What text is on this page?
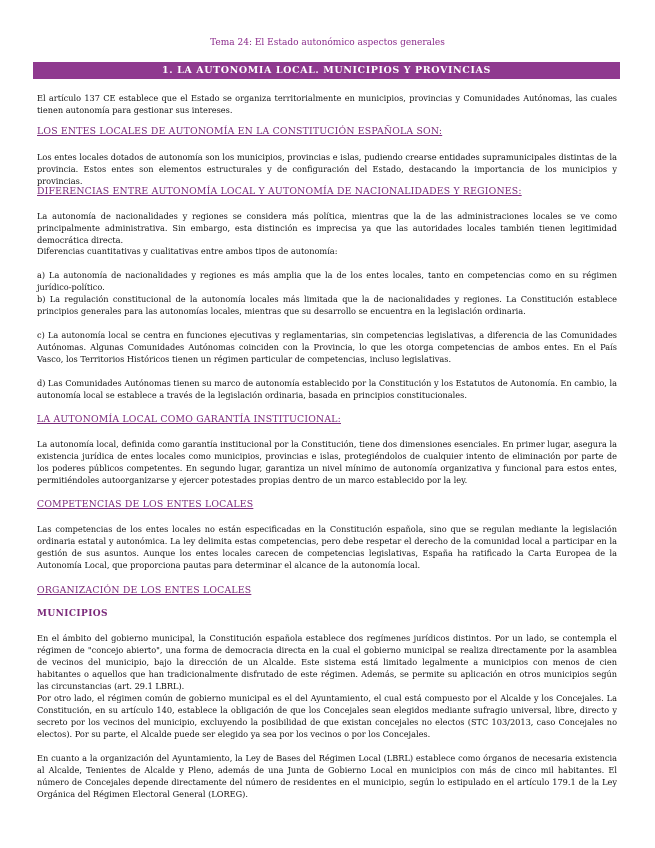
Tema 24: El Estado autonómico aspectos generales
1. LA AUTONOMIA LOCAL. MUNICIPIOS Y PROVINCIAS

El artículo 137 CE establece que el Estado se organiza territorialmente en municipios, provincias y Comunidades Autónomas, las cuales tienen autonomía para gestionar sus intereses.

LOS ENTES LOCALES DE AUTONOMÍA EN LA CONSTITUCIÓN ESPAÑOLA SON:

Los entes locales dotados de autonomía son los municipios, provincias e islas, pudiendo crearse entidades supramunicipales distintas de la provincia. Estos entes son elementos estructurales y de configuración del Estado, destacando la importancia de los municipios y provincias.

DIFERENCIAS ENTRE AUTONOMÍA LOCAL Y AUTONOMÍA DE NACIONALIDADES Y REGIONES:

La autonomía de nacionalidades y regiones se considera más política, mientras que la de las administraciones locales se ve como principalmente administrativa. Sin embargo, esta distinción es imprecisa ya que las autoridades locales también tienen legitimidad democrática directa.

Diferencias cuantitativas y cualitativas entre ambos tipos de autonomía:

a) La autonomía de nacionalidades y regiones es más amplia que la de los entes locales, tanto en competencias como en su régimen jurídico-político.

b) La regulación constitucional de la autonomía locales más limitada que la de nacionalidades y regiones. La Constitución establece principios generales para las autonomías locales, mientras que su desarrollo se encuentra en la legislación ordinaria.

c) La autonomía local se centra en funciones ejecutivas y reglamentarias, sin competencias legislativas, a diferencia de las Comunidades Autónomas. Algunas Comunidades Autónomas coinciden con la Provincia, lo que les otorga competencias de ambos entes. En el País Vasco, los Territorios Históricos tienen un régimen particular de competencias, incluso legislativas.

d) Las Comunidades Autónomas tienen su marco de autonomía establecido por la Constitución y los Estatutos de Autonomía. En cambio, la autonomía local se establece a través de la legislación ordinaria, basada en principios constitucionales.

LA AUTONOMÍA LOCAL COMO GARANTÍA INSTITUCIONAL:

La autonomía local, definida como garantía institucional por la Constitución, tiene dos dimensiones esenciales. En primer lugar, asegura la existencia jurídica de entes locales como municipios, provincias e islas, protegiéndolos de cualquier intento de eliminación por parte de los poderes públicos competentes. En segundo lugar, garantiza un nivel mínimo de autonomía organizativa y funcional para estos entes, permitiéndoles autoorganizarse y ejercer potestades propias dentro de un marco establecido por la ley.

COMPETENCIAS DE LOS ENTES LOCALES

Las competencias de los entes locales no están especificadas en la Constitución española, sino que se regulan mediante la legislación ordinaria estatal y autonómica. La ley delimita estas competencias, pero debe respetar el derecho de la comunidad local a participar en la gestión de sus asuntos. Aunque los entes locales carecen de competencias legislativas, España ha ratificado la Carta Europea de la Autonomía Local, que proporciona pautas para determinar el alcance de la autonomía local.

ORGANIZACIÓN DE LOS ENTES LOCALES

MUNICIPIOS

En el ámbito del gobierno municipal, la Constitución española establece dos regímenes jurídicos distintos. Por un lado, se contempla el régimen de "concejo abierto", una forma de democracia directa en la cual el gobierno municipal se realiza directamente por la asamblea de vecinos del municipio, bajo la dirección de un Alcalde. Este sistema está limitado legalmente a municipios con menos de cien habitantes o aquellos que han tradicionalmente disfrutado de este régimen. Además, se permite su aplicación en otros municipios según las circunstancias (art. 29.1 LBRL).

Por otro lado, el régimen común de gobierno municipal es el del Ayuntamiento, el cual está compuesto por el Alcalde y los Concejales. La Constitución, en su artículo 140, establece la obligación de que los Concejales sean elegidos mediante sufragio universal, libre, directo y secreto por los vecinos del municipio, excluyendo la posibilidad de que existan concejales no electos (STC 103/2013, caso Concejales no electos). Por su parte, el Alcalde puede ser elegido ya sea por los vecinos o por los Concejales.

En cuanto a la organización del Ayuntamiento, la Ley de Bases del Régimen Local (LBRL) establece como órganos de necesaria existencia al Alcalde, Tenientes de Alcalde y Pleno, además de una Junta de Gobierno Local en municipios con más de cinco mil habitantes. El número de Concejales depende directamente del número de residentes en el municipio, según lo estipulado en el artículo 179.1 de la Ley Orgánica del Régimen Electoral General (LOREG).
